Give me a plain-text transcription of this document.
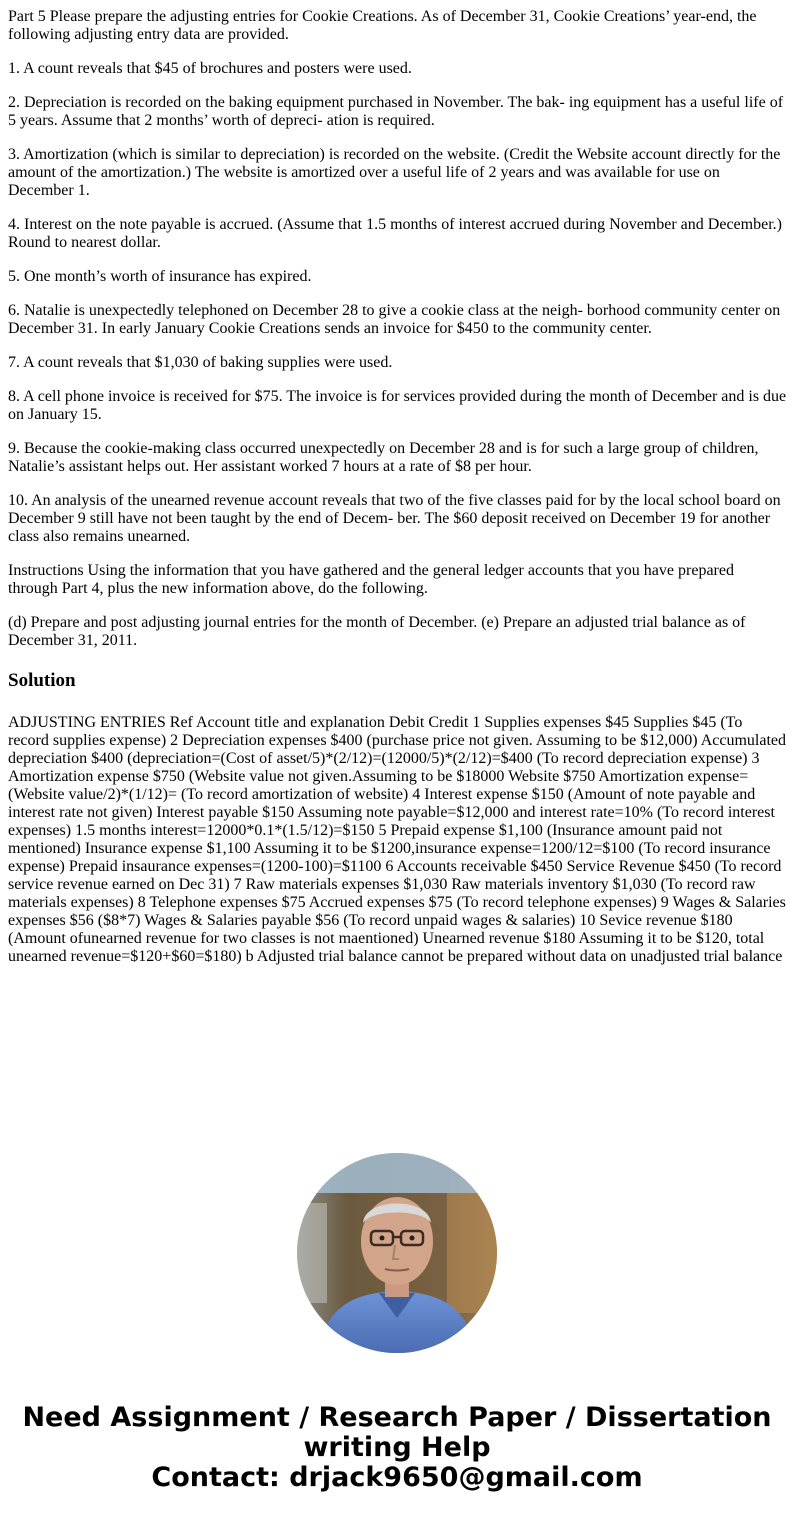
Part 5 Please prepare the adjusting entries for Cookie Creations. As of December 31, Cookie Creations’ year-end, the following adjusting entry data are provided.

1. A count reveals that $45 of brochures and posters were used.

2. Depreciation is recorded on the baking equipment purchased in November. The bak- ing equipment has a useful life of 5 years. Assume that 2 months’ worth of depreci- ation is required.

3. Amortization (which is similar to depreciation) is recorded on the website. (Credit the Website account directly for the amount of the amortization.) The website is amortized over a useful life of 2 years and was available for use on December 1.

4. Interest on the note payable is accrued. (Assume that 1.5 months of interest accrued during November and December.) Round to nearest dollar.

5. One month’s worth of insurance has expired.

6. Natalie is unexpectedly telephoned on December 28 to give a cookie class at the neigh- borhood community center on December 31. In early January Cookie Creations sends an invoice for $450 to the community center.

7. A count reveals that $1,030 of baking supplies were used.

8. A cell phone invoice is received for $75. The invoice is for services provided during the month of December and is due on January 15.

9. Because the cookie-making class occurred unexpectedly on December 28 and is for such a large group of children, Natalie’s assistant helps out. Her assistant worked 7 hours at a rate of $8 per hour.

10. An analysis of the unearned revenue account reveals that two of the five classes paid for by the local school board on December 9 still have not been taught by the end of Decem- ber. The $60 deposit received on December 19 for another class also remains unearned.

Instructions Using the information that you have gathered and the general ledger accounts that you have prepared through Part 4, plus the new information above, do the following.

(d) Prepare and post adjusting journal entries for the month of December. (e) Prepare an adjusted trial balance as of December 31, 2011.

Solution

ADJUSTING ENTRIES Ref Account title and explanation Debit Credit 1 Supplies expenses $45 Supplies $45 (To record supplies expense) 2 Depreciation expenses $400 (purchase price not given. Assuming to be $12,000) Accumulated depreciation $400 (depreciation=(Cost of asset/5)*(2/12)=(12000/5)*(2/12)=$400 (To record depreciation expense) 3 Amortization expense $750 (Website value not given.Assuming to be $18000 Website $750 Amortization expense=(Website value/2)*(1/12)= (To record amortization of website) 4 Interest expense $150 (Amount of note payable and interest rate not given) Interest payable $150 Assuming note payable=$12,000 and interest rate=10% (To record interest expenses) 1.5 months interest=12000*0.1*(1.5/12)=$150 5 Prepaid expense $1,100 (Insurance amount paid not mentioned) Insurance expense $1,100 Assuming it to be $1200,insurance expense=1200/12=$100 (To record insurance expense) Prepaid insaurance expenses=(1200-100)=$1100 6 Accounts receivable $450 Service Revenue $450 (To record service revenue earned on Dec 31) 7 Raw materials expenses $1,030 Raw materials inventory $1,030 (To record raw materials expenses) 8 Telephone expenses $75 Accrued expenses $75 (To record telephone expenses) 9 Wages & Salaries expenses $56 ($8*7) Wages & Salaries payable $56 (To record unpaid wages & salaries) 10 Sevice revenue $180 (Amount ofunearned revenue for two classes is not maentioned) Unearned revenue $180 Assuming it to be $120, total unearned revenue=$120+$60=$180) b Adjusted trial balance cannot be prepared without data on unadjusted trial balance

Need Assignment / Research Paper / Dissertation
writing Help
Contact: drjack9650@gmail.com
